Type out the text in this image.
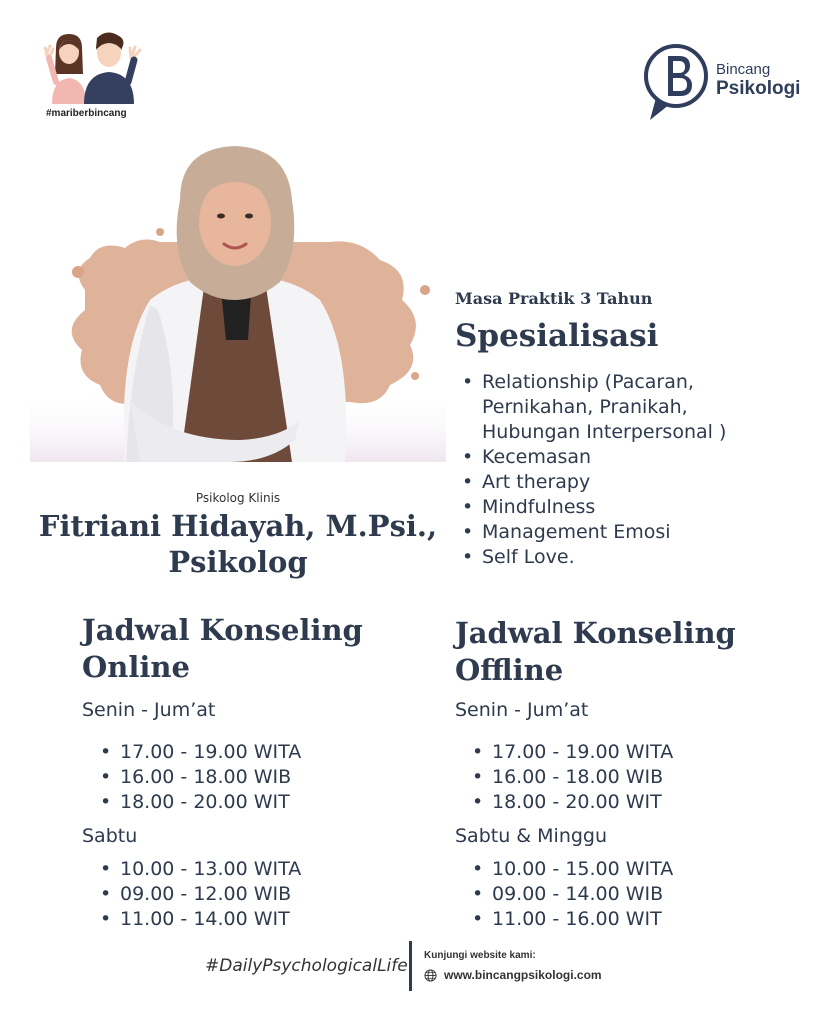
#mariberbincang
Bincang
Psikologi
Psikolog Klinis
Fitriani Hidayah, M.Psi.,
Psikolog
Masa Praktik 3 Tahun
Spesialisasi
• Relationship (Pacaran, Pernikahan, Pranikah, Hubungan Interpersonal )
• Kecemasan
• Art therapy
• Mindfulness
• Management Emosi
• Self Love.
Jadwal Konseling
Online
Senin - Jum’at
• 17.00 - 19.00 WITA
• 16.00 - 18.00 WIB
• 18.00 - 20.00 WIT
Sabtu
• 10.00 - 13.00 WITA
• 09.00 - 12.00 WIB
• 11.00 - 14.00 WIT
Jadwal Konseling
Offline
Senin - Jum’at
• 17.00 - 19.00 WITA
• 16.00 - 18.00 WIB
• 18.00 - 20.00 WIT
Sabtu & Minggu
• 10.00 - 15.00 WITA
• 09.00 - 14.00 WIB
• 11.00 - 16.00 WIT
#DailyPsychologicalLife
Kunjungi website kami:
www.bincangpsikologi.com
